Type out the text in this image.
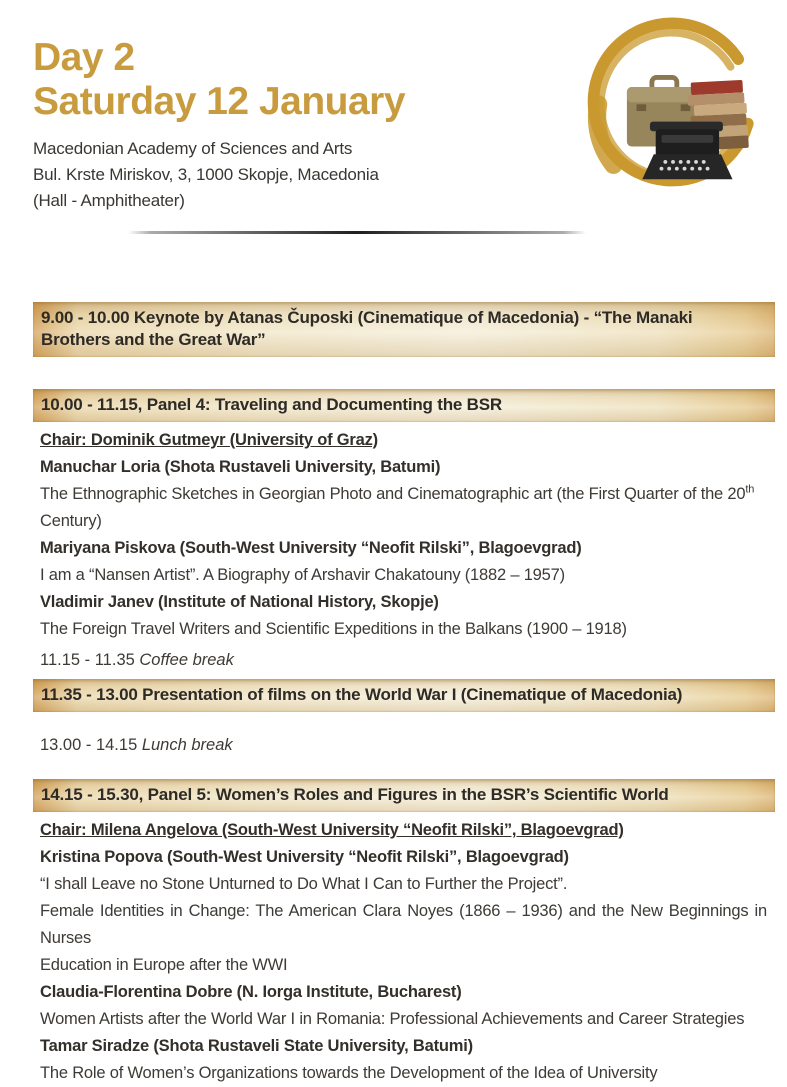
Day 2
Saturday 12 January
Macedonian Academy of Sciences and Arts
Bul. Krste Miriskov, 3, 1000 Skopje, Macedonia
(Hall - Amphitheater)
9.00 - 10.00 Keynote by Atanas Čuposki (Cinematique of Macedonia) - “The Manaki Brothers and the Great War”
10.00 - 11.15, Panel 4: Traveling and Documenting the BSR
Chair: Dominik Gutmeyr (University of Graz)
Manuchar Loria (Shota Rustaveli University, Batumi)
The Ethnographic Sketches in Georgian Photo and Cinematographic art (the First Quarter of the 20th Century)
Mariyana Piskova (South-West University “Neofit Rilski”, Blagoevgrad)
I am a “Nansen Artist”. A Biography of Arshavir Chakatouny (1882 – 1957)
Vladimir Janev (Institute of National History, Skopje)
The Foreign Travel Writers and Scientific Expeditions in the Balkans (1900 – 1918)
11.15 - 11.35 Coffee break
11.35 - 13.00 Presentation of films on the World War I (Cinematique of Macedonia)
13.00 - 14.15 Lunch break
14.15 - 15.30, Panel 5: Women’s Roles and Figures in the BSR’s Scientific World
Chair: Milena Angelova (South-West University “Neofit Rilski”, Blagoevgrad)
Kristina Popova (South-West University “Neofit Rilski”, Blagoevgrad)
“I shall Leave no Stone Unturned to Do What I Can to Further the Project”.
Female Identities in Change: The American Clara Noyes (1866 – 1936) and the New Beginnings in Nurses
Education in Europe after the WWI
Claudia-Florentina Dobre (N. Iorga Institute, Bucharest)
Women Artists after the World War I in Romania: Professional Achievements and Career Strategies
Tamar Siradze (Shota Rustaveli State University, Batumi)
The Role of Women’s Organizations towards the Development of the Idea of University
